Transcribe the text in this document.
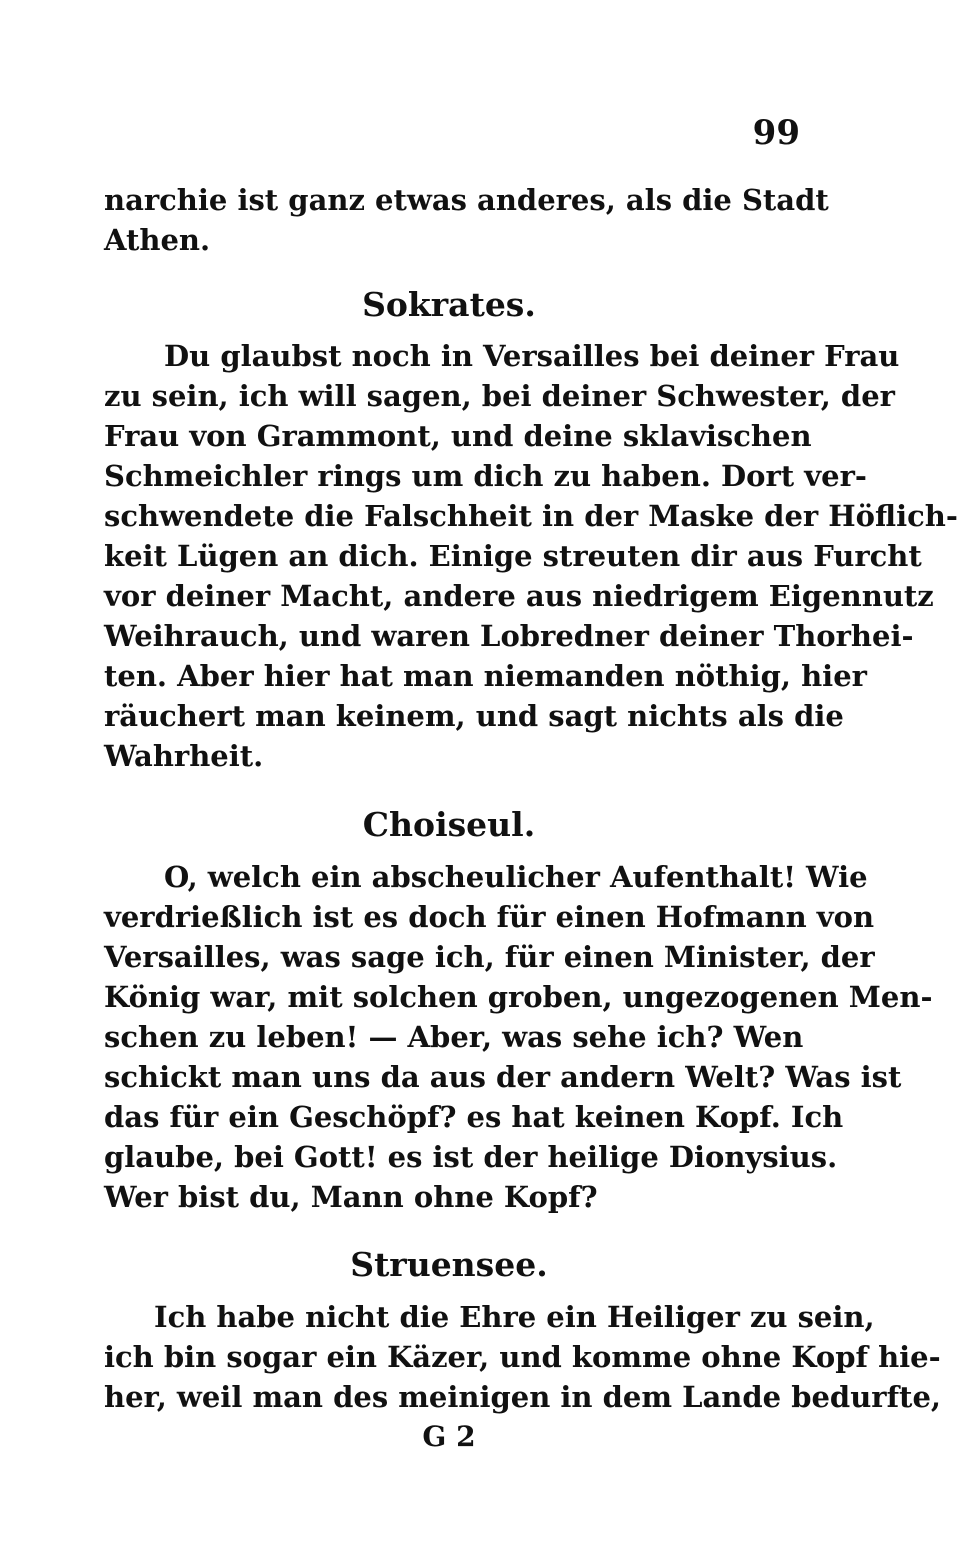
99
narchie ist ganz etwas anderes, als die Stadt
Athen.
Sokrates.
Du glaubst noch in Versailles bei deiner Frau
zu sein, ich will sagen, bei deiner Schwester, der
Frau von Grammont, und deine sklavischen
Schmeichler rings um dich zu haben. Dort ver-
schwendete die Falschheit in der Maske der Höflich-
keit Lügen an dich. Einige streuten dir aus Furcht
vor deiner Macht, andere aus niedrigem Eigennutz
Weihrauch, und waren Lobredner deiner Thorhei-
ten. Aber hier hat man niemanden nöthig, hier
räuchert man keinem, und sagt nichts als die
Wahrheit.
Choiseul.
O, welch ein abscheulicher Aufenthalt! Wie
verdrießlich ist es doch für einen Hofmann von
Versailles, was sage ich, für einen Minister, der
König war, mit solchen groben, ungezogenen Men-
schen zu leben! — Aber, was sehe ich? Wen
schickt man uns da aus der andern Welt? Was ist
das für ein Geschöpf? es hat keinen Kopf. Ich
glaube, bei Gott! es ist der heilige Dionysius.
Wer bist du, Mann ohne Kopf?
Struensee.
Ich habe nicht die Ehre ein Heiliger zu sein,
ich bin sogar ein Käzer, und komme ohne Kopf hie-
her, weil man des meinigen in dem Lande bedurfte,
G 2
